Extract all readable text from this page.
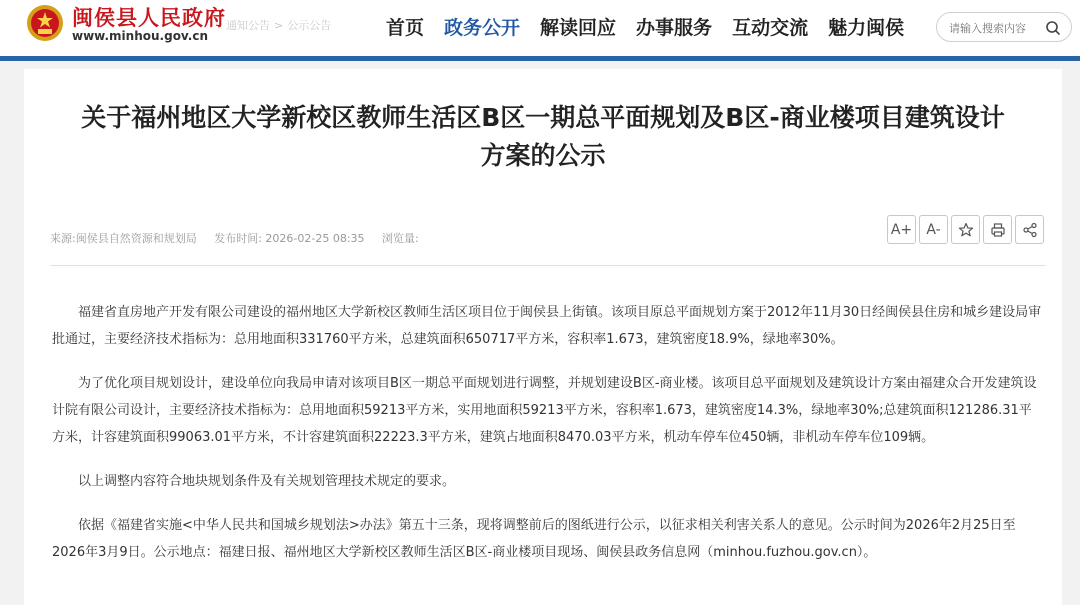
闽侯县人民政府
www.minhou.gov.cn
通知公告 > 公示公告	首页 政务公开 解读回应 办事服务 互动交流 魅力闽侯
请输入搜索内容
关于福州地区大学新校区教师生活区B区一期总平面规划及B区-商业楼项目建筑设计方案的公示
来源:闽侯县自然资源和规划局 发布时间: 2026-02-25 08:35 浏览量:
A+	A-

福建省直房地产开发有限公司建设的福州地区大学新校区教师生活区项目位于闽侯县上街镇。该项目原总平面规划方案于2012年11月30日经闽侯县住房和城乡建设局审批通过，主要经济技术指标为：总用地面积331760平方米，总建筑面积650717平方米，容积率1.673，建筑密度18.9%，绿地率30%。

为了优化项目规划设计，建设单位向我局申请对该项目B区一期总平面规划进行调整，并规划建设B区-商业楼。该项目总平面规划及建筑设计方案由福建众合开发建筑设计院有限公司设计，主要经济技术指标为：总用地面积59213平方米，实用地面积59213平方米，容积率1.673，建筑密度14.3%，绿地率30%;总建筑面积121286.31平方米，计容建筑面积99063.01平方米，不计容建筑面积22223.3平方米，建筑占地面积8470.03平方米，机动车停车位450辆，非机动车停车位109辆。

以上调整内容符合地块规划条件及有关规划管理技术规定的要求。

依据《福建省实施<中华人民共和国城乡规划法>办法》第五十三条，现将调整前后的图纸进行公示，以征求相关利害关系人的意见。公示时间为2026年2月25日至2026年3月9日。公示地点：福建日报、福州地区大学新校区教师生活区B区-商业楼项目现场、闽侯县政务信息网（minhou.fuzhou.gov.cn）。
